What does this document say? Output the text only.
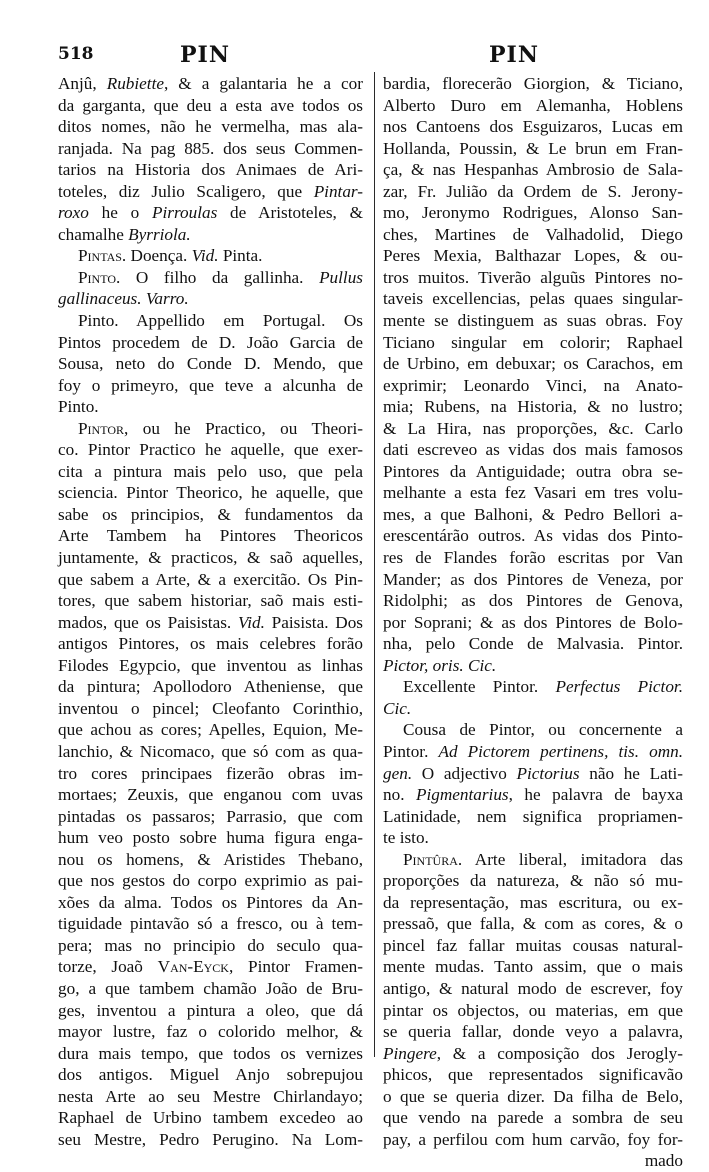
518	PIN	PIN
Anjû, Rubiette, & a galantaria he a cor
da garganta, que deu a esta ave todos os
ditos nomes, não he vermelha, mas ala-
ranjada. Na pag 885. dos seus Commen-
tarios na Historia dos Animaes de Ari-
toteles, diz Julio Scaligero, que Pintar-
roxo he o Pirroulas de Aristoteles, &
chamalhe Byrriola.
Pintas. Doença. Vid. Pinta.
Pinto. O filho da gallinha. Pullus
gallinaceus. Varro.
Pinto. Appellido em Portugal. Os
Pintos procedem de D. João Garcia de
Sousa, neto do Conde D. Mendo, que
foy o primeyro, que teve a alcunha de
Pinto.
Pintor, ou he Practico, ou Theori-
co. Pintor Practico he aquelle, que exer-
cita a pintura mais pelo uso, que pela
sciencia. Pintor Theorico, he aquelle, que
sabe os principios, & fundamentos da
Arte Tambem ha Pintores Theoricos
juntamente, & practicos, & saõ aquelles,
que sabem a Arte, & a exercitão. Os Pin-
tores, que sabem historiar, saõ mais esti-
mados, que os Paisistas. Vid. Paisista. Dos
antigos Pintores, os mais celebres forão
Filodes Egypcio, que inventou as linhas
da pintura; Apollodoro Atheniense, que
inventou o pincel; Cleofanto Corinthio,
que achou as cores; Apelles, Equion, Me-
lanchio, & Nicomaco, que só com as qua-
tro cores principaes fizerão obras im-
mortaes; Zeuxis, que enganou com uvas
pintadas os passaros; Parrasio, que com
hum veo posto sobre huma figura enga-
nou os homens, & Aristides Thebano,
que nos gestos do corpo exprimio as pai-
xões da alma. Todos os Pintores da An-
tiguidade pintavão só a fresco, ou à tem-
pera; mas no principio do seculo qua-
torze, Joaõ Van-Eyck, Pintor Framen-
go, a que tambem chamão João de Bru-
ges, inventou a pintura a oleo, que dá
mayor lustre, faz o colorido melhor, &
dura mais tempo, que todos os vernizes
dos antigos. Miguel Anjo sobrepujou
nesta Arte ao seu Mestre Chirlandayo;
Raphael de Urbino tambem excedeo ao
seu Mestre, Pedro Perugino. Na Lom-
bardia, florecerão Giorgion, & Ticiano,
Alberto Duro em Alemanha, Hoblens
nos Cantoens dos Esguizaros, Lucas em
Hollanda, Poussin, & Le brun em Fran-
ça, & nas Hespanhas Ambrosio de Sala-
zar, Fr. Julião da Ordem de S. Jerony-
mo, Jeronymo Rodrigues, Alonso San-
ches, Martines de Valhadolid, Diego
Peres Mexia, Balthazar Lopes, & ou-
tros muitos. Tiverão alguũs Pintores no-
taveis excellencias, pelas quaes singular-
mente se distinguem as suas obras. Foy
Ticiano singular em colorir; Raphael
de Urbino, em debuxar; os Carachos, em
exprimir; Leonardo Vinci, na Anato-
mia; Rubens, na Historia, & no lustro;
& La Hira, nas proporções, &c. Carlo
dati escreveo as vidas dos mais famosos
Pintores da Antiguidade; outra obra se-
melhante a esta fez Vasari em tres volu-
mes, a que Balhoni, & Pedro Bellori a-
erescentárão outros. As vidas dos Pinto-
res de Flandes forão escritas por Van
Mander; as dos Pintores de Veneza, por
Ridolphi; as dos Pintores de Genova,
por Soprani; & as dos Pintores de Bolo-
nha, pelo Conde de Malvasia. Pintor.
Pictor, oris. Cic.
Excellente Pintor. Perfectus Pictor.
Cic.
Cousa de Pintor, ou concernente a
Pintor. Ad Pictorem pertinens, tis. omn.
gen. O adjectivo Pictorius não he Lati-
no. Pigmentarius, he palavra de bayxa
Latinidade, nem significa propriamen-
te isto.
Pintûra. Arte liberal, imitadora das
proporções da natureza, & não só mu-
da representação, mas escritura, ou ex-
pressaõ, que falla, & com as cores, & o
pincel faz fallar muitas cousas natural-
mente mudas. Tanto assim, que o mais
antigo, & natural modo de escrever, foy
pintar os objectos, ou materias, em que
se queria fallar, donde veyo a palavra,
Pingere, & a composição dos Jerogly-
phicos, que representados significavão
o que se queria dizer. Da filha de Belo,
que vendo na parede a sombra de seu
pay, a perfilou com hum carvão, foy for-
mado
